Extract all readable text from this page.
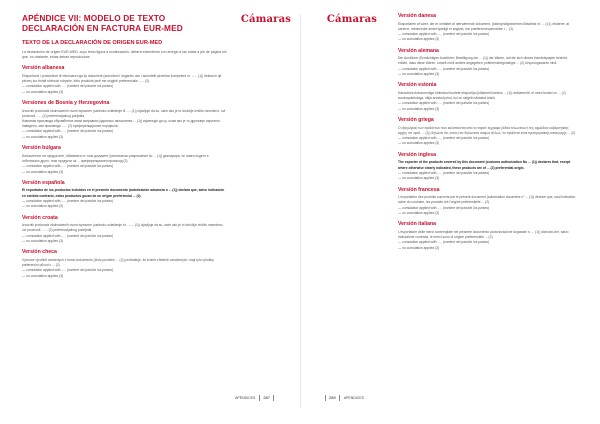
Cámaras
APÉNDICE VII: MODELO DE TEXTO DECLARACIÓN EN FACTURA EUR-MED
TEXTO DE LA DECLARACIÓN DE ORIGEN EUR-MED

La declaración de origen EUR-MED, cuyo texto figura a continuación, deberá extenderse con arreglo a las notas a pie de página sin que, no obstante, estas deban reproducirse.

Versión albanesa

Eksportuesi i produkteve të mbuluara nga ky dokument (autorizimi i doganës ose i autoritetit qeveritar kompetent nr. ...... (1)) deklaron që përveç kur është shënuar ndryshe, këto produkte janë me origjinë preferenciale ...... (2).

— cumulation applied with ..... (nombre del país/de los países)

— no cumulation applied (3)

Versiones de Bosnia y Herzegovina

Izvoznik proizvoda obuhvaćenih ovom ispravom (carinsko ovlaštenje ili ..... (1)) izjavljuje da su, osim ako je to drukčije izričito navedeno, ovi proizvodi ...... (2) preferencijalnog porijekla.
Извозник производа обухваћених овом исправом (царинско овлаштење ... (1)) изјављује да су, осим ако је то другачије изричито наведено, ови производи ...... (2) преференцијалног поријекла.

— cumulation applied with ..... (nombre del país/de los países)

— no cumulation applied (3)

Versión búlgara

Износителят на продуктите, обхванати от този документ (митническо разрешение № ... (1)) декларира, че освен където е отбелязано друго, тези продукти са ... преференциален произход (2).

— cumulation applied with ..... (nombre del país/de los países)

— no cumulation applied (3)

Versión española

El exportador de los productos incluidos en el presente documento (autorización aduanera o ... (1)) declara que, salvo indicación en sentido contrario, estos productos gozan de un origen preferencial ... (2).

— cumulation applied with ..... (nombre del país/de los países)

— no cumulation applied (3)

Versión croata

Izvoznik proizvoda obuhvaćenih ovom ispravom (carinsko ovlaštenje br. ....... (1)) izjavljuje da su, osim ako je to drukčije izričito navedeno, ovi proizvodi ....... (2) preferencijalnog podrijetla.

— cumulation applied with ..... (nombre del país/de los países)

— no cumulation applied (3)

Versión checa

Vývozce výrobků uvedených v tomto dokumentu (číslo povolení ... (1)) prohlašuje, že kromě zřetelně označených, mají tyto výrobky preferenční původ v ... (2).

— cumulation applied with ..... (nombre del país/de los países)

— no cumulation applied (3)

APÉNDICES	287
Cámaras	Versión danesa

Eksportøren af varer, der er omfattet af nærværende dokument, (toldmyndighedernes tilladelse nr. ... (1)), erklærer, at varerne, medmindre andet tydeligt er angivet, har præferenceoprindelse i ... (2).

— cumulation applied with ..... (nombre del país/de los países)

— no cumulation applied (3)

Versión alemana

Der Ausführer (Ermächtigter Ausführer; Bewilligung der ... (1)) der Waren, auf die sich dieses Handelspapier bezieht, erklärt, dass diese Waren, soweit nicht anders angegeben, präferenzbegünstigte ... (2) Ursprungswaren sind.

— cumulation applied with ..... (nombre del país/de los países)

— no cumulation applied (3)

Versión estonia

Käesoleva dokumendiga hõlmatud toodete eksportija (tolliameti kinnitus ... (1)) deklareerib, et need tooted on ... (2) sooduspäritoluga, välja arvatud juhul, kui on selgelt näidatud teisiti.

— cumulation applied with ..... (nombre del país/de los países)

— no cumulation applied (3)

Versión griega

Ο εξαγωγέας των προϊόντων που καλύπτονται από το παρόν έγγραφο (άδεια τελωνείου ή της αρμόδιας κυβερνητικής αρχής υπ' αριθ. ... (1)) δηλώνει ότι, εκτός εάν δηλώνεται σαφώς άλλως, τα προϊόντα είναι προτιμησιακής καταγωγής ... (2).

— cumulation applied with ..... (nombre del país/de los países)

— no cumulation applied (3)

Versión inglesa

The exporter of the products covered by this document (customs authorization No ... (1)) declares that, except where otherwise clearly indicated, these products are of ... (2) preferential origin.

— cumulation applied with ..... (nombre del país/de los países)

— no cumulation applied (3)

Versión francesa

L'exportateur des produits couverts par le présent document (autorisation douanière n° ... (1)) déclare que, sauf indication claire du contraire, les produits ont l'origine préférentielle ... (2).

— cumulation applied with ..... (nombre del país/de los países)

— no cumulation applied (3)

Versión italiana

L'esportatore delle merci contemplate nel presente documento (autorizzazione doganale n. ... (1)) dichiara che, salvo indicazione contraria, le merci sono di origine preferenziale ... (2).

— cumulation applied with ..... (nombre del país/de los países)

— no cumulation applied (3)

289	APÉNDICES
